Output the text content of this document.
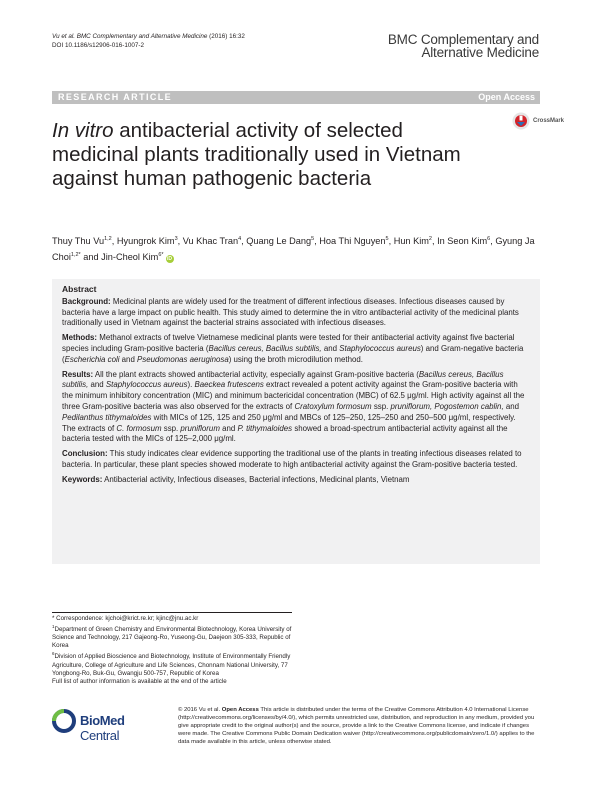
Vu et al. BMC Complementary and Alternative Medicine (2016) 16:32
DOI 10.1186/s12906-016-1007-2	BMC Complementary and
Alternative Medicine
RESEARCH ARTICLE	Open Access
CrossMark
In vitro antibacterial activity of selected medicinal plants traditionally used in Vietnam against human pathogenic bacteria
Thuy Thu Vu$^{1,2}$, Hyungrok Kim$^3$, Vu Khac Tran$^4$, Quang Le Dang$^5$, Hoa Thi Nguyen$^5$, Hun Kim$^2$, In Seon Kim$^6$, Gyung Ja Choi$^{1,2*}$ and Jin-Cheol Kim$^{6*}$iD
Abstract

Background: Medicinal plants are widely used for the treatment of different infectious diseases. Infectious diseases caused by bacteria have a large impact on public health. This study aimed to determine the in vitro antibacterial activity of the medicinal plants traditionally used in Vietnam against the bacterial strains associated with infectious diseases.

Methods: Methanol extracts of twelve Vietnamese medicinal plants were tested for their antibacterial activity against five bacterial species including Gram-positive bacteria (Bacillus cereus, Bacillus subtilis, and Staphylococcus aureus) and Gram-negative bacteria (Escherichia coli and Pseudomonas aeruginosa) using the broth microdilution method.

Results: All the plant extracts showed antibacterial activity, especially against Gram-positive bacteria (Bacillus cereus, Bacillus subtilis, and Staphylococcus aureus). Baeckea frutescens extract revealed a potent activity against the Gram-positive bacteria with the minimum inhibitory concentration (MIC) and minimum bactericidal concentration (MBC) of 62.5 μg/ml. High activity against all the three Gram-positive bacteria was also observed for the extracts of Cratoxylum formosum ssp. pruniflorum, Pogostemon cablin, and Pedilanthus tithymaloides with MICs of 125, 125 and 250 μg/ml and MBCs of 125–250, 125–250 and 250–500 μg/ml, respectively. The extracts of C. formosum ssp. pruniflorum and P. tithymaloides showed a broad-spectrum antibacterial activity against all the bacteria tested with the MICs of 125–2,000 μg/ml.

Conclusion: This study indicates clear evidence supporting the traditional use of the plants in treating infectious diseases related to bacteria. In particular, these plant species showed moderate to high antibacterial activity against the Gram-positive bacteria tested.

Keywords: Antibacterial activity, Infectious diseases, Bacterial infections, Medicinal plants, Vietnam

* Correspondence: kjchoi@krict.re.kr; kjinc@jnu.ac.kr

$^1$Department of Green Chemistry and Environmental Biotechnology, Korea University of Science and Technology, 217 Gajeong-Ro, Yuseong-Gu, Daejeon 305-333, Republic of Korea

$^6$Division of Applied Bioscience and Biotechnology, Institute of Environmentally Friendly Agriculture, College of Agriculture and Life Sciences, Chonnam National University, 77 Yongbong-Ro, Buk-Gu, Gwangju 500-757, Republic of Korea

Full list of author information is available at the end of the article

BioMed Central
© 2016 Vu et al. Open Access This article is distributed under the terms of the Creative Commons Attribution 4.0 International License (http://creativecommons.org/licenses/by/4.0/), which permits unrestricted use, distribution, and reproduction in any medium, provided you give appropriate credit to the original author(s) and the source, provide a link to the Creative Commons license, and indicate if changes were made. The Creative Commons Public Domain Dedication waiver (http://creativecommons.org/publicdomain/zero/1.0/) applies to the data made available in this article, unless otherwise stated.
